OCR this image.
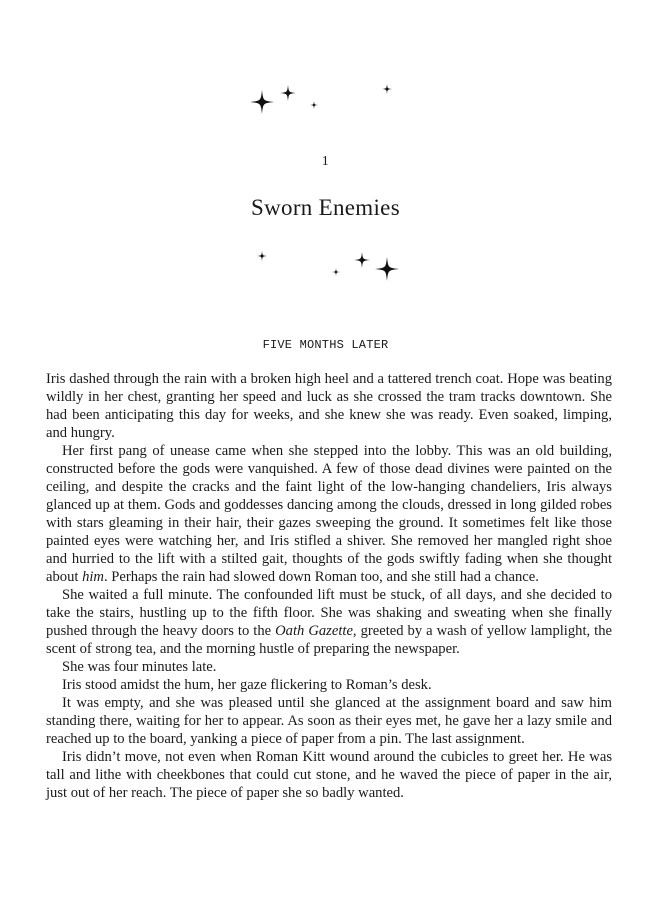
1
Sworn Enemies
FIVE MONTHS LATER

Iris dashed through the rain with a broken high heel and a tattered trench coat. Hope was beating wildly in her chest, granting her speed and luck as she crossed the tram tracks downtown. She had been anticipating this day for weeks, and she knew she was ready. Even soaked, limping, and hungry.

Her first pang of unease came when she stepped into the lobby. This was an old building, constructed before the gods were vanquished. A few of those dead divines were painted on the ceiling, and despite the cracks and the faint light of the low-hanging chandeliers, Iris always glanced up at them. Gods and goddesses dancing among the clouds, dressed in long gilded robes with stars gleaming in their hair, their gazes sweeping the ground. It sometimes felt like those painted eyes were watching her, and Iris stifled a shiver. She removed her mangled right shoe and hurried to the lift with a stilted gait, thoughts of the gods swiftly fading when she thought about him. Perhaps the rain had slowed down Roman too, and she still had a chance.

She waited a full minute. The confounded lift must be stuck, of all days, and she decided to take the stairs, hustling up to the fifth floor. She was shaking and sweating when she finally pushed through the heavy doors to the Oath Gazette, greeted by a wash of yellow lamplight, the scent of strong tea, and the morning hustle of preparing the newspaper.

She was four minutes late.

Iris stood amidst the hum, her gaze flickering to Roman’s desk.

It was empty, and she was pleased until she glanced at the assignment board and saw him standing there, waiting for her to appear. As soon as their eyes met, he gave her a lazy smile and reached up to the board, yanking a piece of paper from a pin. The last assignment.

Iris didn’t move, not even when Roman Kitt wound around the cubicles to greet her. He was tall and lithe with cheekbones that could cut stone, and he waved the piece of paper in the air, just out of her reach. The piece of paper she so badly wanted.
